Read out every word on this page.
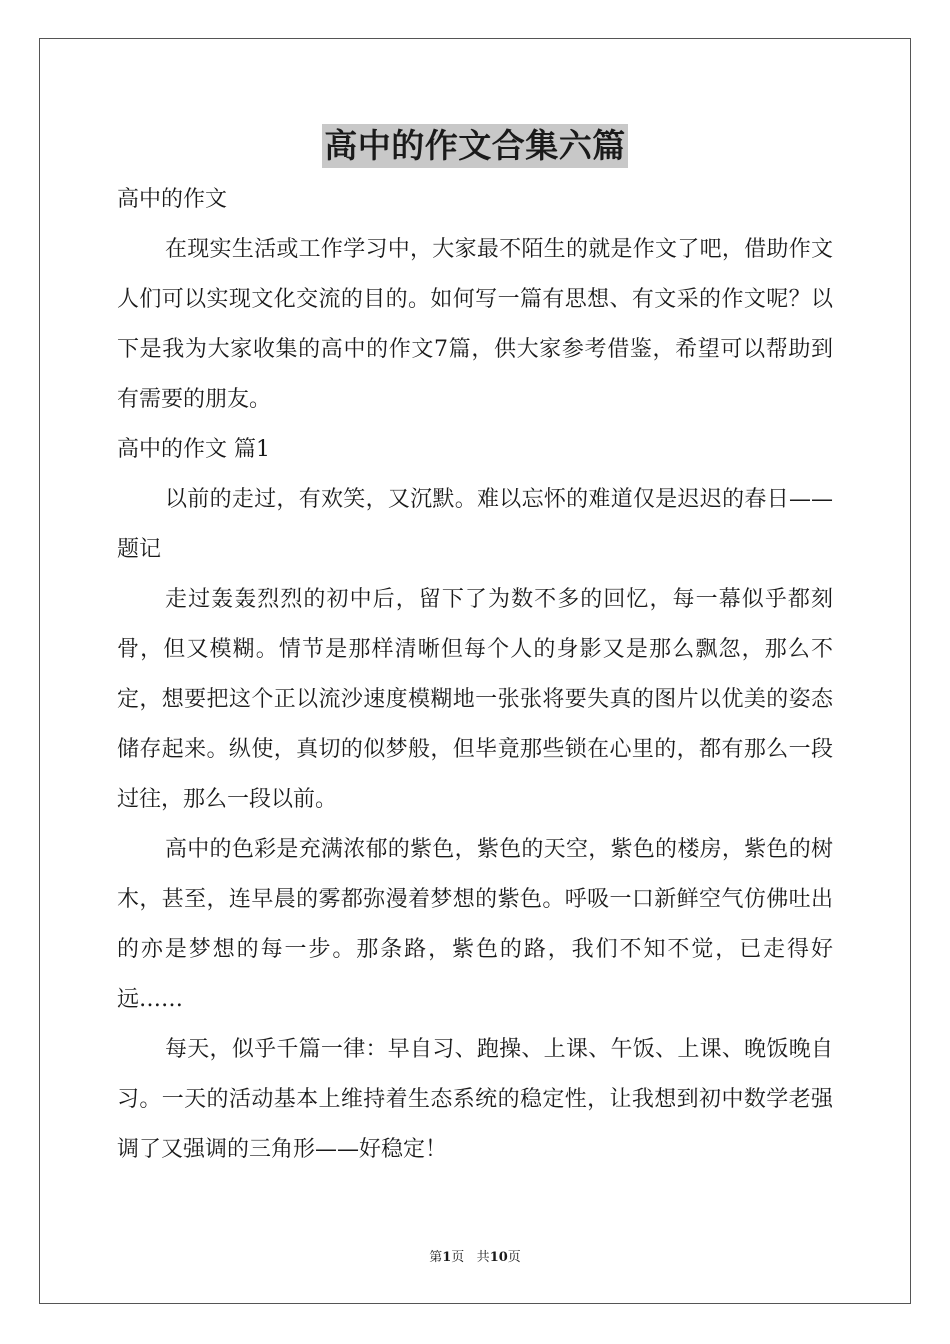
高中的作文合集六篇

高中的作文

在现实生活或工作学习中，大家最不陌生的就是作文了吧，借助作文人们可以实现文化交流的目的。如何写一篇有思想、有文采的作文呢？以下是我为大家收集的高中的作文7篇，供大家参考借鉴，希望可以帮助到有需要的朋友。

高中的作文 篇1

以前的走过，有欢笑，又沉默。难以忘怀的难道仅是迟迟的春日——题记

走过轰轰烈烈的初中后，留下了为数不多的回忆，每一幕似乎都刻骨，但又模糊。情节是那样清晰但每个人的身影又是那么飘忽，那么不定，想要把这个正以流沙速度模糊地一张张将要失真的图片以优美的姿态储存起来。纵使，真切的似梦般，但毕竟那些锁在心里的，都有那么一段过往，那么一段以前。

高中的色彩是充满浓郁的紫色，紫色的天空，紫色的楼房，紫色的树木，甚至，连早晨的雾都弥漫着梦想的紫色。呼吸一口新鲜空气仿佛吐出的亦是梦想的每一步。那条路，紫色的路，我们不知不觉，已走得好远……

每天，似乎千篇一律：早自习、跑操、上课、午饭、上课、晚饭晚自习。一天的活动基本上维持着生态系统的稳定性，让我想到初中数学老强调了又强调的三角形——好稳定！

第1页 共10页
